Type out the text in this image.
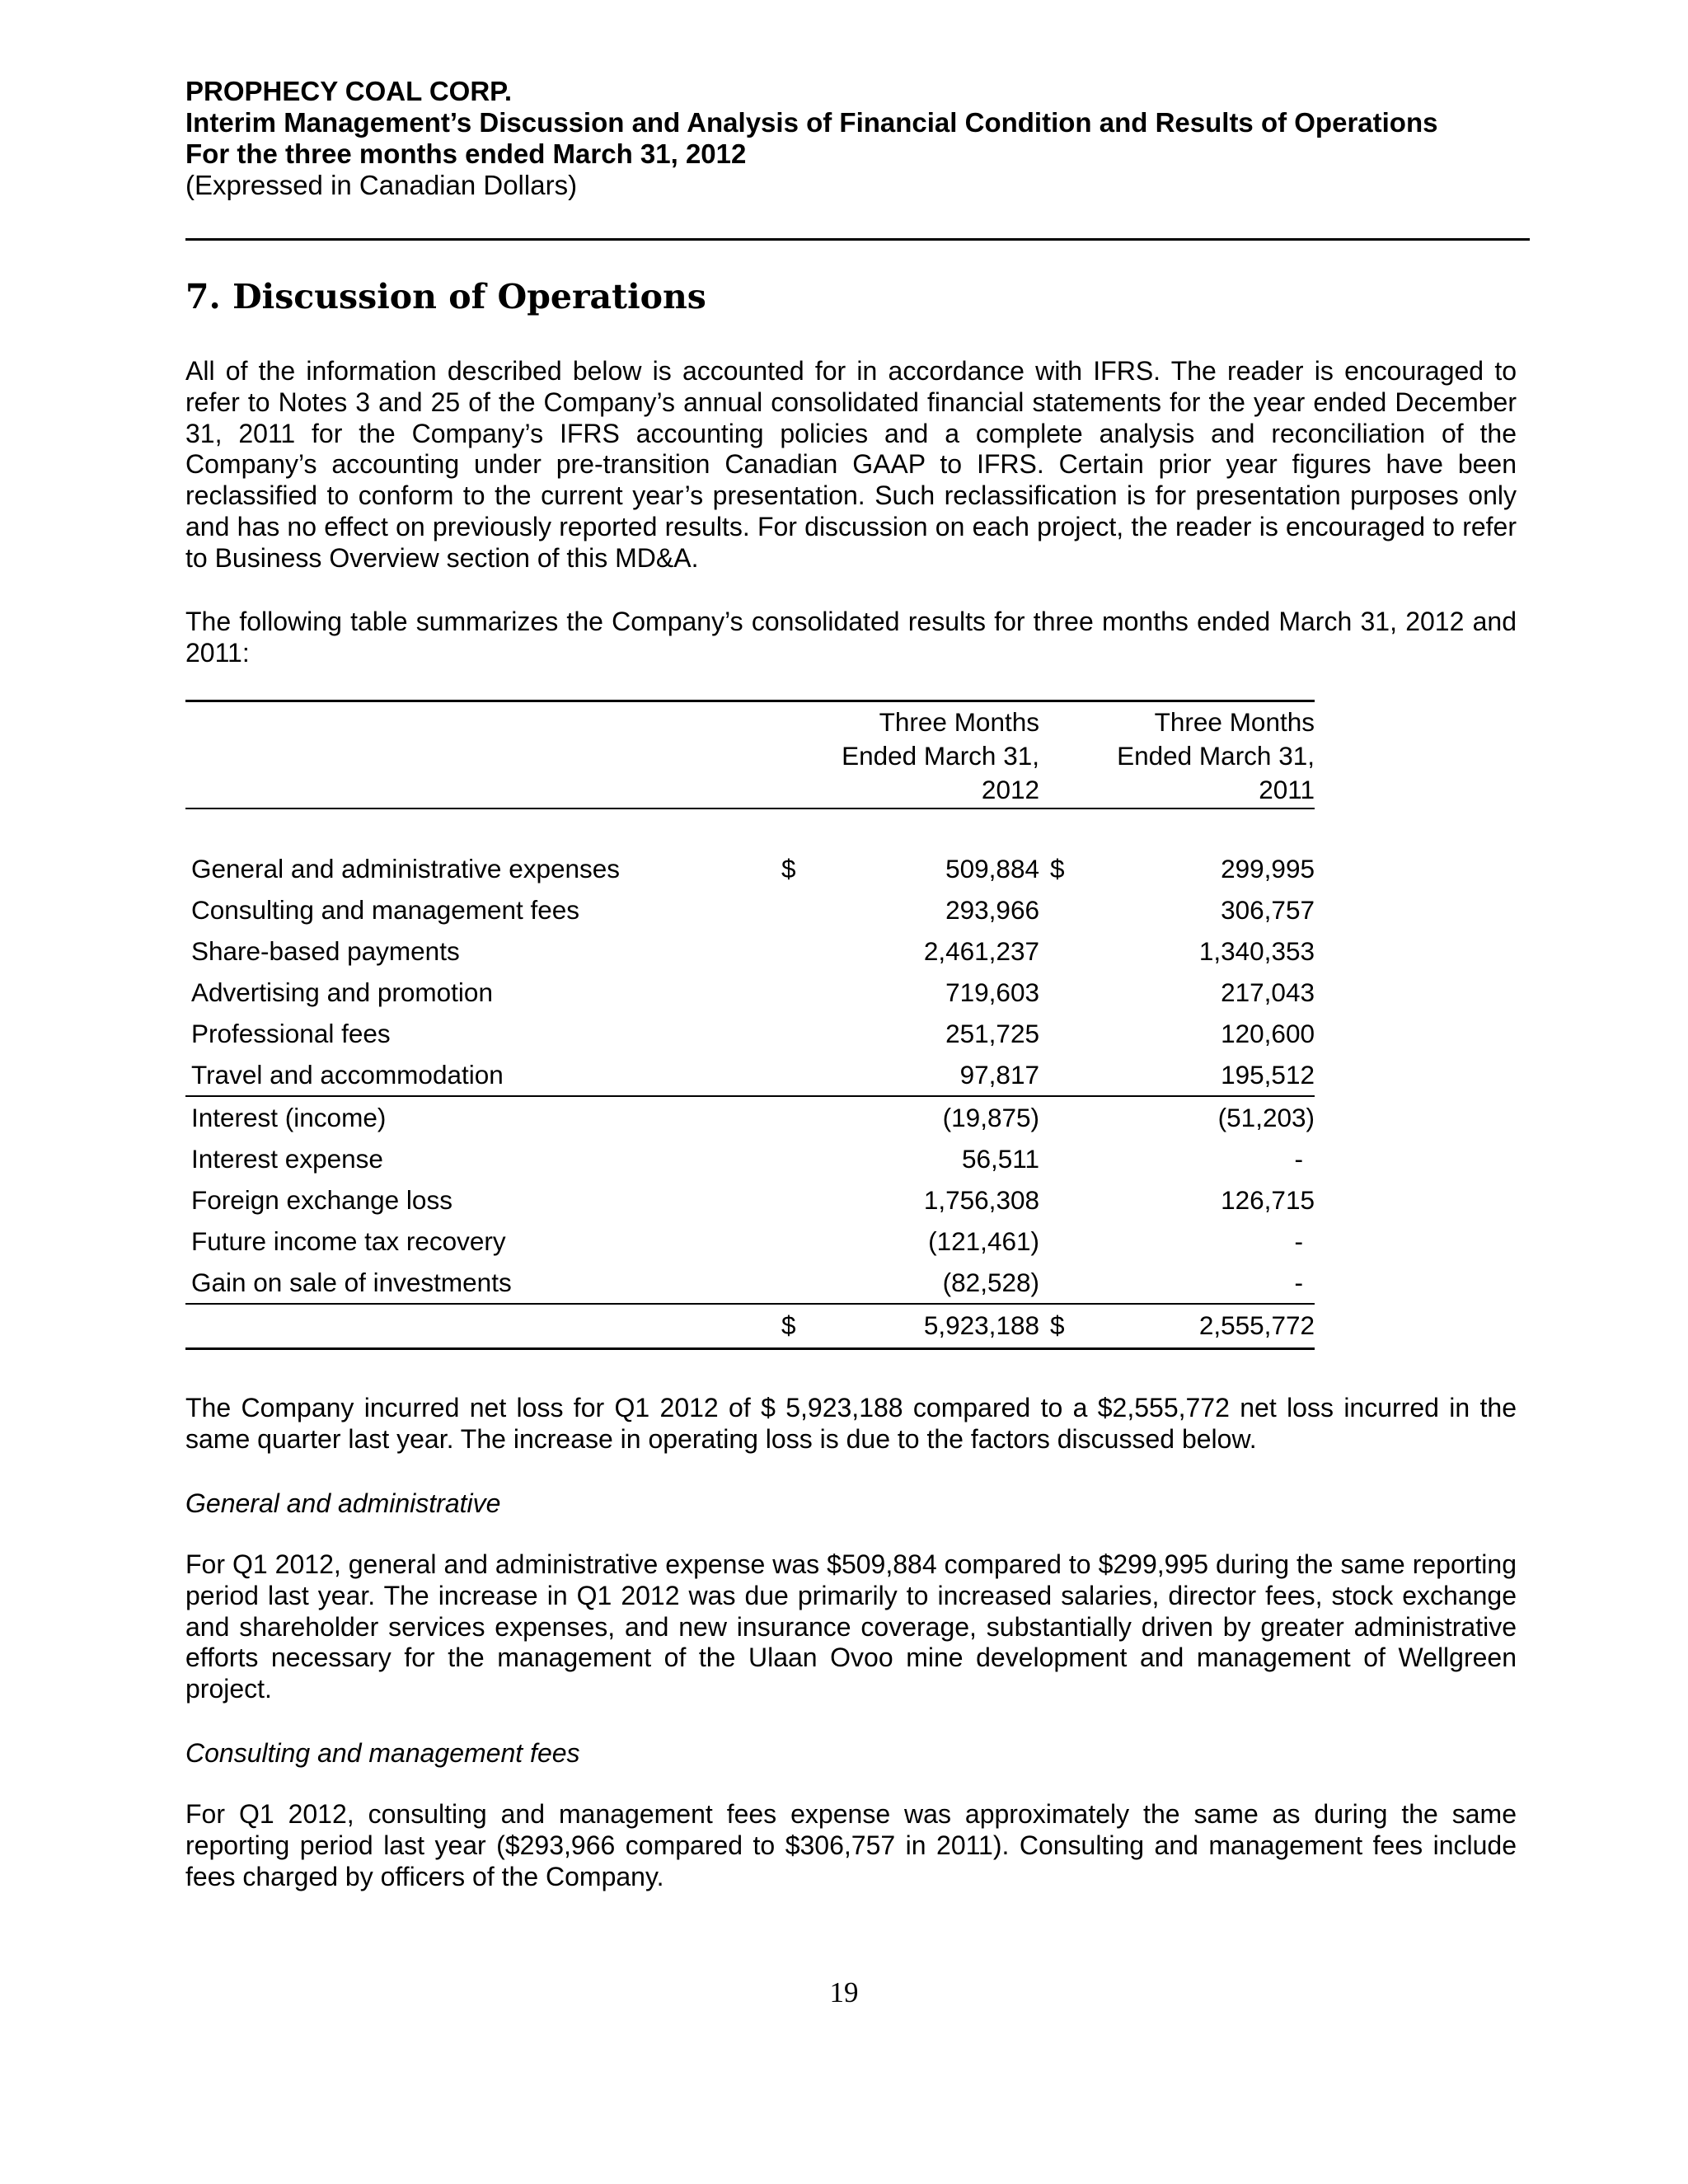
PROPHECY COAL CORP.
Interim Management’s Discussion and Analysis of Financial Condition and Results of Operations
For the three months ended March 31, 2012
(Expressed in Canadian Dollars)
7. Discussion of Operations

All of the information described below is accounted for in accordance with IFRS. The reader is encouraged to refer to Notes 3 and 25 of the Company’s annual consolidated financial statements for the year ended December 31, 2011 for the Company’s IFRS accounting policies and a complete analysis and reconciliation of the Company’s accounting under pre-transition Canadian GAAP to IFRS. Certain prior year figures have been reclassified to conform to the current year’s presentation. Such reclassification is for presentation purposes only and has no effect on previously reported results. For discussion on each project, the reader is encouraged to refer to Business Overview section of this MD&A.

The following table summarizes the Company’s consolidated results for three months ended March 31, 2012 and 2011:

Three Months
Ended March 31,
2012
Three Months
Ended March 31,
2011
General and administrative expenses	$	509,884 $	299,995
Consulting and management fees	293,966	306,757
Share-based payments	2,461,237	1,340,353
Advertising and promotion	719,603	217,043
Professional fees	251,725	120,600
Travel and accommodation	97,817	195,512
Interest (income)	(19,875)	(51,203)
Interest expense	56,511	-
Foreign exchange loss	1,756,308	126,715
Future income tax recovery	(121,461)	-
Gain on sale of investments	(82,528)	-
$	5,923,188 $	2,555,772

The Company incurred net loss for Q1 2012 of $ 5,923,188 compared to a $2,555,772 net loss incurred in the same quarter last year. The increase in operating loss is due to the factors discussed below.

General and administrative

For Q1 2012, general and administrative expense was $509,884 compared to $299,995 during the same reporting period last year. The increase in Q1 2012 was due primarily to increased salaries, director fees, stock exchange and shareholder services expenses, and new insurance coverage, substantially driven by greater administrative efforts necessary for the management of the Ulaan Ovoo mine development and management of Wellgreen project.

Consulting and management fees

For Q1 2012, consulting and management fees expense was approximately the same as during the same reporting period last year ($293,966 compared to $306,757 in 2011). Consulting and management fees include fees charged by officers of the Company.

19
